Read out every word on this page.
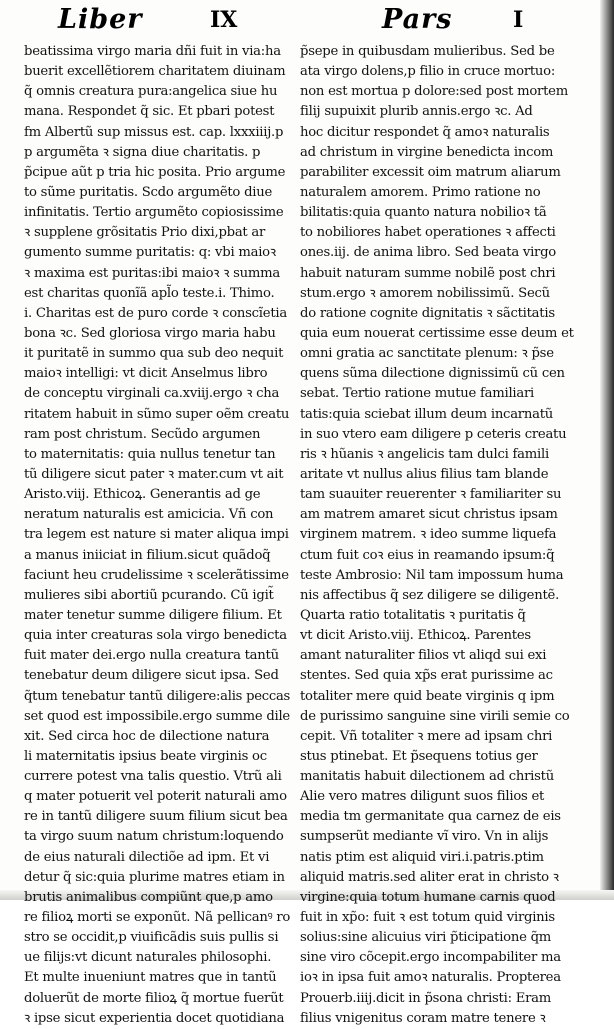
Liber	IX	Pars	I
beatissima virgo maria dñi fuit in via:ha
buerit excellẽtiorem charitatem diuinam
q̃ omnis creatura pura:angelica siue hu
mana. Respondet q̃ sic. Et pbari potest
fm Albertũ sup missus est. cap. lxxxiiij.p
p argumẽta ꝛ signa diue charitatis. p
p̃cipue aũt p tria hic posita. Prio argume
to sũme puritatis. Scdo argumẽto diue
infinitatis. Tertio argumẽto copiosissime
ꝛ supplene grõsitatis Prio dixi,pbat ar
gumento summe puritatis: q: vbi maioꝛ
ꝛ maxima est puritas:ibi maioꝛ ꝛ summa
est charitas quonĩã apl̃o teste.i. Thimo.
i. Charitas est de puro corde ꝛ conscĩetia
bona ꝛc. Sed gloriosa virgo maria habu
it puritatẽ in summo qua sub deo nequit
maioꝛ intelligi: vt dicit Anselmus libro
de conceptu virginali ca.xviij.ergo ꝛ cha
ritatem habuit in sũmo super oẽm creatu
ram post christum. Secũdo argumen
to maternitatis: quia nullus tenetur tan
tũ diligere sicut pater ꝛ mater.cum vt ait
Aristo.viij. Ethicoꝝ. Generantis ad ge
neratum naturalis est amicicia. Vñ con
tra legem est nature si mater aliqua impi
a manus iniiciat in filium.sicut quãdoq̃
faciunt heu crudelissime ꝛ scelerãtissime
mulieres sibi abortiũ pcurando. Cũ igit̃
mater tenetur summe diligere filium. Et
quia inter creaturas sola virgo benedicta
fuit mater dei.ergo nulla creatura tantũ
tenebatur deum diligere sicut ipsa. Sed
q̃tum tenebatur tantũ diligere:alis peccas
set quod est impossibile.ergo summe dile
xit. Sed circa hoc de dilectione natura
li maternitatis ipsius beate virginis oc
currere potest vna talis questio. Vtrũ ali
q mater potuerit vel poterit naturali amo
re in tantũ diligere suum filium sicut bea
ta virgo suum natum christum:loquendo
de eius naturali dilectiõe ad ipm. Et vi
detur q̃ sic:quia plurime matres etiam in
brutis animalibus compiũnt que,p amo
re filioꝝ morti se exponũt. Nã pellicanꝰ ro
stro se occidit,p viuificãdis suis pullis si
ue filijs:vt dicunt naturales philosophi.
Et multe inueniunt matres que in tantũ
doluerũt de morte filioꝝ q̃ mortue fuerũt
ꝛ ipse sicut experientia docet quotidiana
p̃sepe in quibusdam mulieribus. Sed be
ata virgo dolens,p filio in cruce mortuo:
non est mortua p dolore:sed post mortem
filij supuixit plurib annis.ergo ꝛc. Ad
hoc dicitur respondet q̃ amoꝛ naturalis
ad christum in virgine benedicta incom
parabiliter excessit oim matrum aliarum
naturalem amorem. Primo ratione no
bilitatis:quia quanto natura nobilioꝛ tã
to nobiliores habet operationes ꝛ affecti
ones.iij. de anima libro. Sed beata virgo
habuit naturam summe nobilẽ post chri
stum.ergo ꝛ amorem nobilissimũ. Secũ
do ratione cognite dignitatis ꝛ sãctitatis
quia eum nouerat certissime esse deum et
omni gratia ac sanctitate plenum: ꝛ p̃se
quens sũma dilectione dignissimũ cũ cen
sebat. Tertio ratione mutue familiari
tatis:quia sciebat illum deum incarnatũ
in suo vtero eam diligere p ceteris creatu
ris ꝛ hũanis ꝛ angelicis tam dulci famili
aritate vt nullus alius filius tam blande
tam suauiter reuerenter ꝛ familiariter su
am matrem amaret sicut christus ipsam
virginem matrem. ꝛ ideo summe liquefa
ctum fuit coꝛ eius in reamando ipsum:q̃
teste Ambrosio: Nil tam impossum huma
nis affectibus q̃ sez diligere se diligentẽ.
Quarta ratio totalitatis ꝛ puritatis q̃
vt dicit Aristo.viij. Ethicoꝝ. Parentes
amant naturaliter filios vt aliqd sui exi
stentes. Sed quia xp̃s erat purissime ac
totaliter mere quid beate virginis q ipm
de purissimo sanguine sine virili semie co
cepit. Vñ totaliter ꝛ mere ad ipsam chri
stus ptinebat. Et p̃sequens totius ger
manitatis habuit dilectionem ad christũ
Alie vero matres diligunt suos filios et
media tm germanitate qua carnez de eis
sumpserũt mediante vĩ viro. Vn in alijs
natis ptim est aliquid viri.i.patris.ptim
aliquid matris.sed aliter erat in christo ꝛ
virgine:quia totum humane carnis quod
fuit in xp̃o: fuit ꝛ est totum quid virginis
solius:sine alicuius viri p̃ticipatione q̃m
sine viro cõcepit.ergo incompabiliter ma
ioꝛ in ipsa fuit amoꝛ naturalis. Propterea
Prouerb.iiij.dicit in p̃sona christi: Eram
filius vnigenitus coram matre tenere ꝛ
